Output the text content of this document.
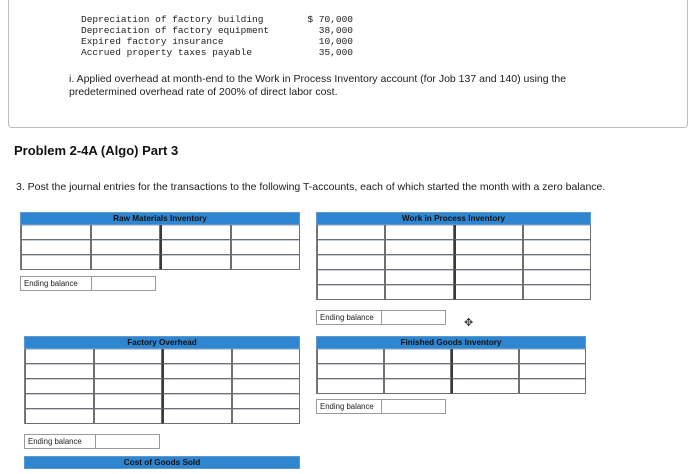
Depreciation of factory building	$ 70,000
Depreciation of factory equipment	38,000
Expired factory insurance	10,000
Accrued property taxes payable	35,000
i. Applied overhead at month-end to the Work in Process Inventory account (for Job 137 and 140) using the predetermined overhead rate of 200% of direct labor cost.
Problem 2-4A (Algo) Part 3
3. Post the journal entries for the transactions to the following T-accounts, each of which started the month with a zero balance.
Raw Materials Inventory
Ending balance
Work in Process Inventory
Ending balance
Factory Overhead
Ending balance
Finished Goods Inventory
Ending balance
Cost of Goods Sold
✥
